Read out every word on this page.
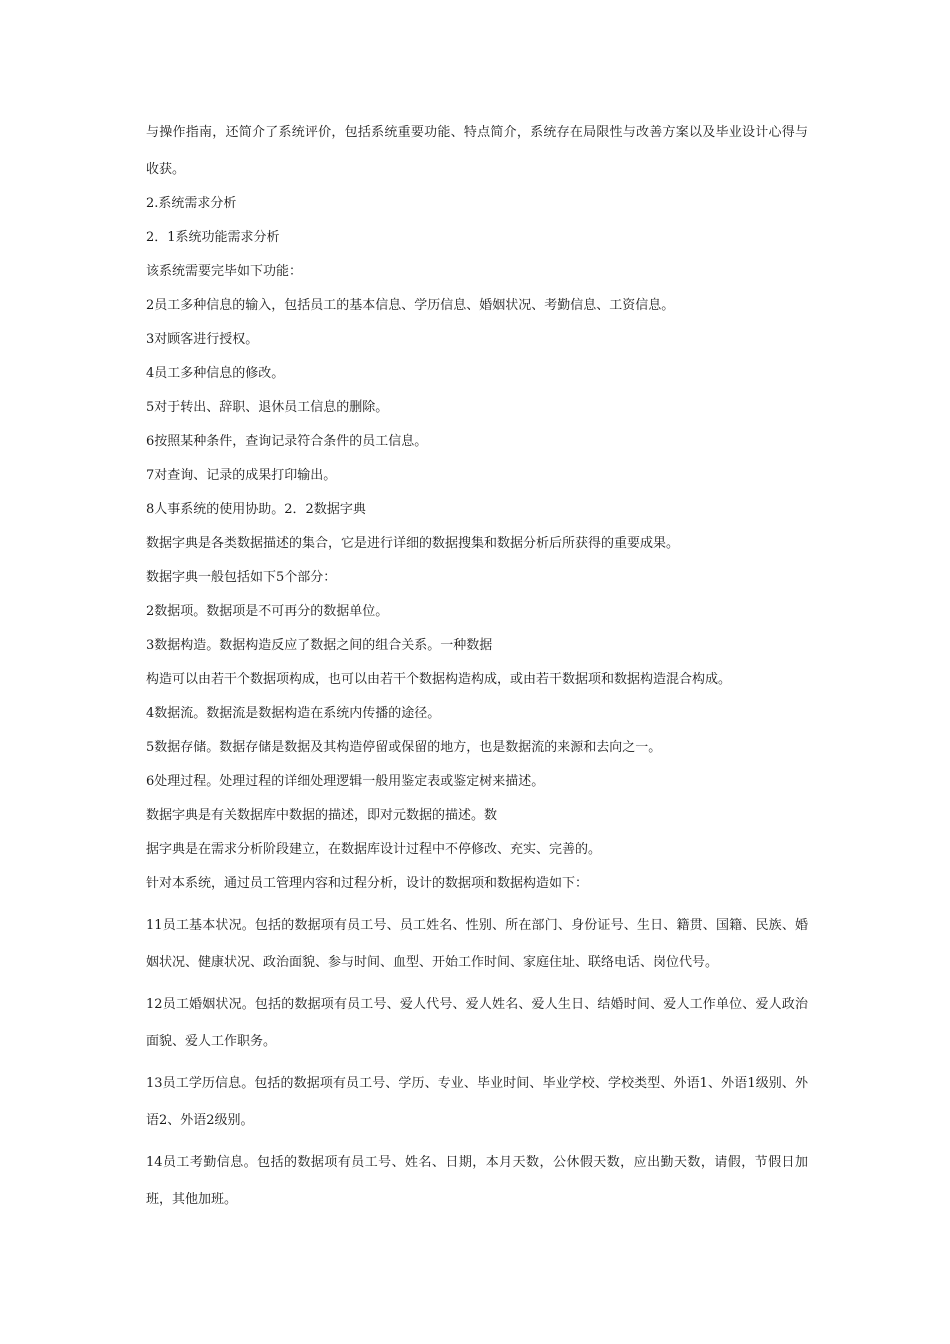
与操作指南，还简介了系统评价，包括系统重要功能、特点简介，系统存在局限性与改善方案以及毕业设计心得与收获。

2.系统需求分析

2．1系统功能需求分析

该系统需要完毕如下功能：

2员工多种信息的输入，包括员工的基本信息、学历信息、婚姻状况、考勤信息、工资信息。

3对顾客进行授权。

4员工多种信息的修改。

5对于转出、辞职、退休员工信息的删除。

6按照某种条件，查询记录符合条件的员工信息。

7对查询、记录的成果打印输出。

8人事系统的使用协助。2．2数据字典

数据字典是各类数据描述的集合，它是进行详细的数据搜集和数据分析后所获得的重要成果。

数据字典一般包括如下5个部分：

2数据项。数据项是不可再分的数据单位。

3数据构造。数据构造反应了数据之间的组合关系。一种数据

构造可以由若干个数据项构成，也可以由若干个数据构造构成，或由若干数据项和数据构造混合构成。

4数据流。数据流是数据构造在系统内传播的途径。

5数据存储。数据存储是数据及其构造停留或保留的地方，也是数据流的来源和去向之一。

6处理过程。处理过程的详细处理逻辑一般用鉴定表或鉴定树来描述。

数据字典是有关数据库中数据的描述，即对元数据的描述。数

据字典是在需求分析阶段建立，在数据库设计过程中不停修改、充实、完善的。

针对本系统，通过员工管理内容和过程分析，设计的数据项和数据构造如下：

11员工基本状况。包括的数据项有员工号、员工姓名、性别、所在部门、身份证号、生日、籍贯、国籍、民族、婚姻状况、健康状况、政治面貌、参与时间、血型、开始工作时间、家庭住址、联络电话、岗位代号。

12员工婚姻状况。包括的数据项有员工号、爱人代号、爱人姓名、爱人生日、结婚时间、爱人工作单位、爱人政治面貌、爱人工作职务。

13员工学历信息。包括的数据项有员工号、学历、专业、毕业时间、毕业学校、学校类型、外语1、外语1级别、外语2、外语2级别。

14员工考勤信息。包括的数据项有员工号、姓名、日期，本月天数，公休假天数，应出勤天数，请假，节假日加班，其他加班。
